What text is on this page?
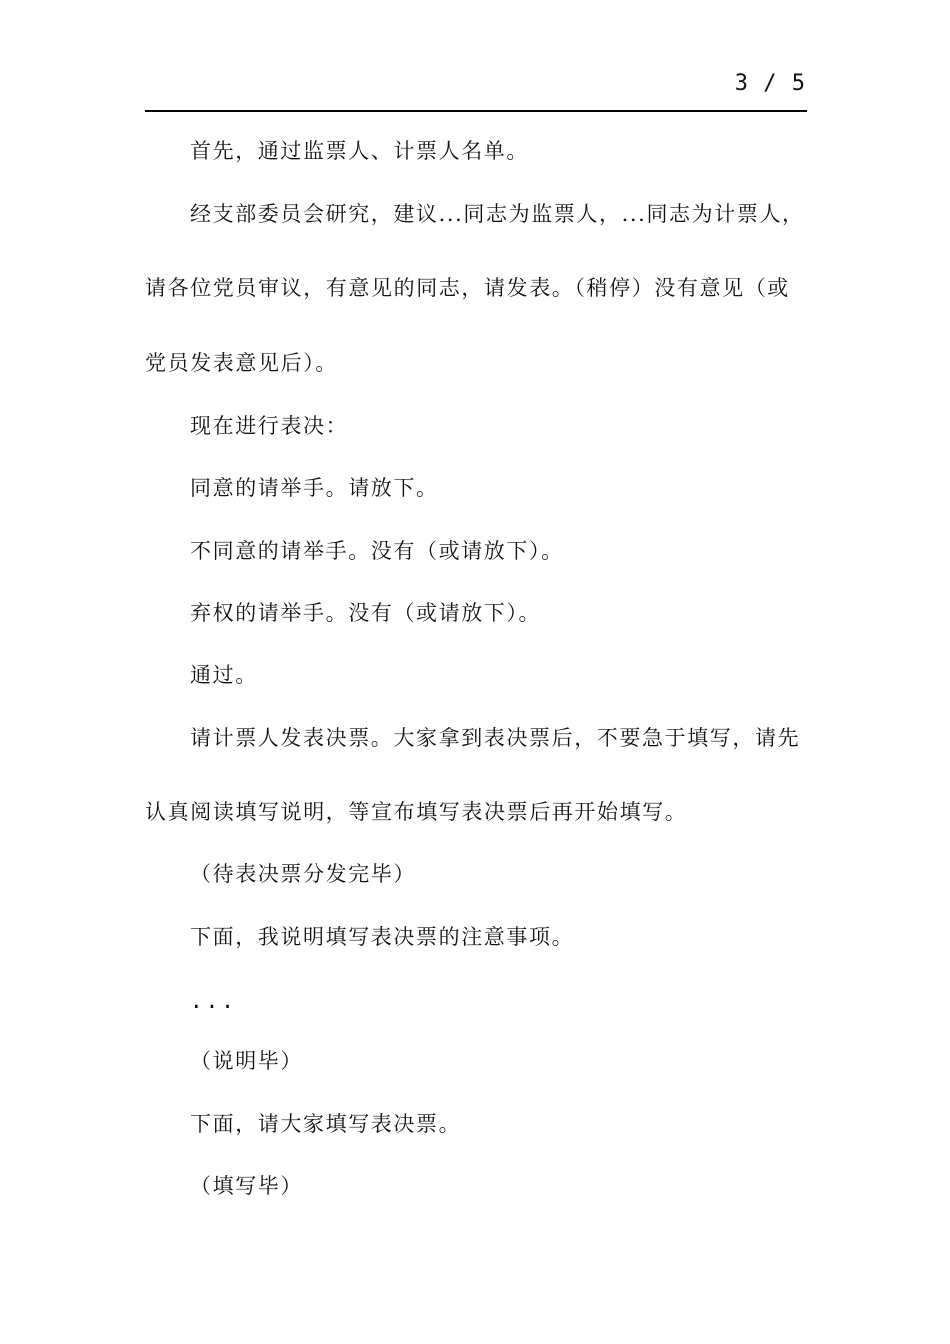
3 / 5

首先，通过监票人、计票人名单。

经支部委员会研究，建议...同志为监票人，...同志为计票人，

请各位党员审议，有意见的同志，请发表。（稍停）没有意见（或

党员发表意见后）。

现在进行表决：

同意的请举手。请放下。

不同意的请举手。没有（或请放下）。

弃权的请举手。没有（或请放下）。

通过。

请计票人发表决票。大家拿到表决票后，不要急于填写，请先

认真阅读填写说明，等宣布填写表决票后再开始填写。

（待表决票分发完毕）

下面，我说明填写表决票的注意事项。

...

（说明毕）

下面，请大家填写表决票。

（填写毕）
